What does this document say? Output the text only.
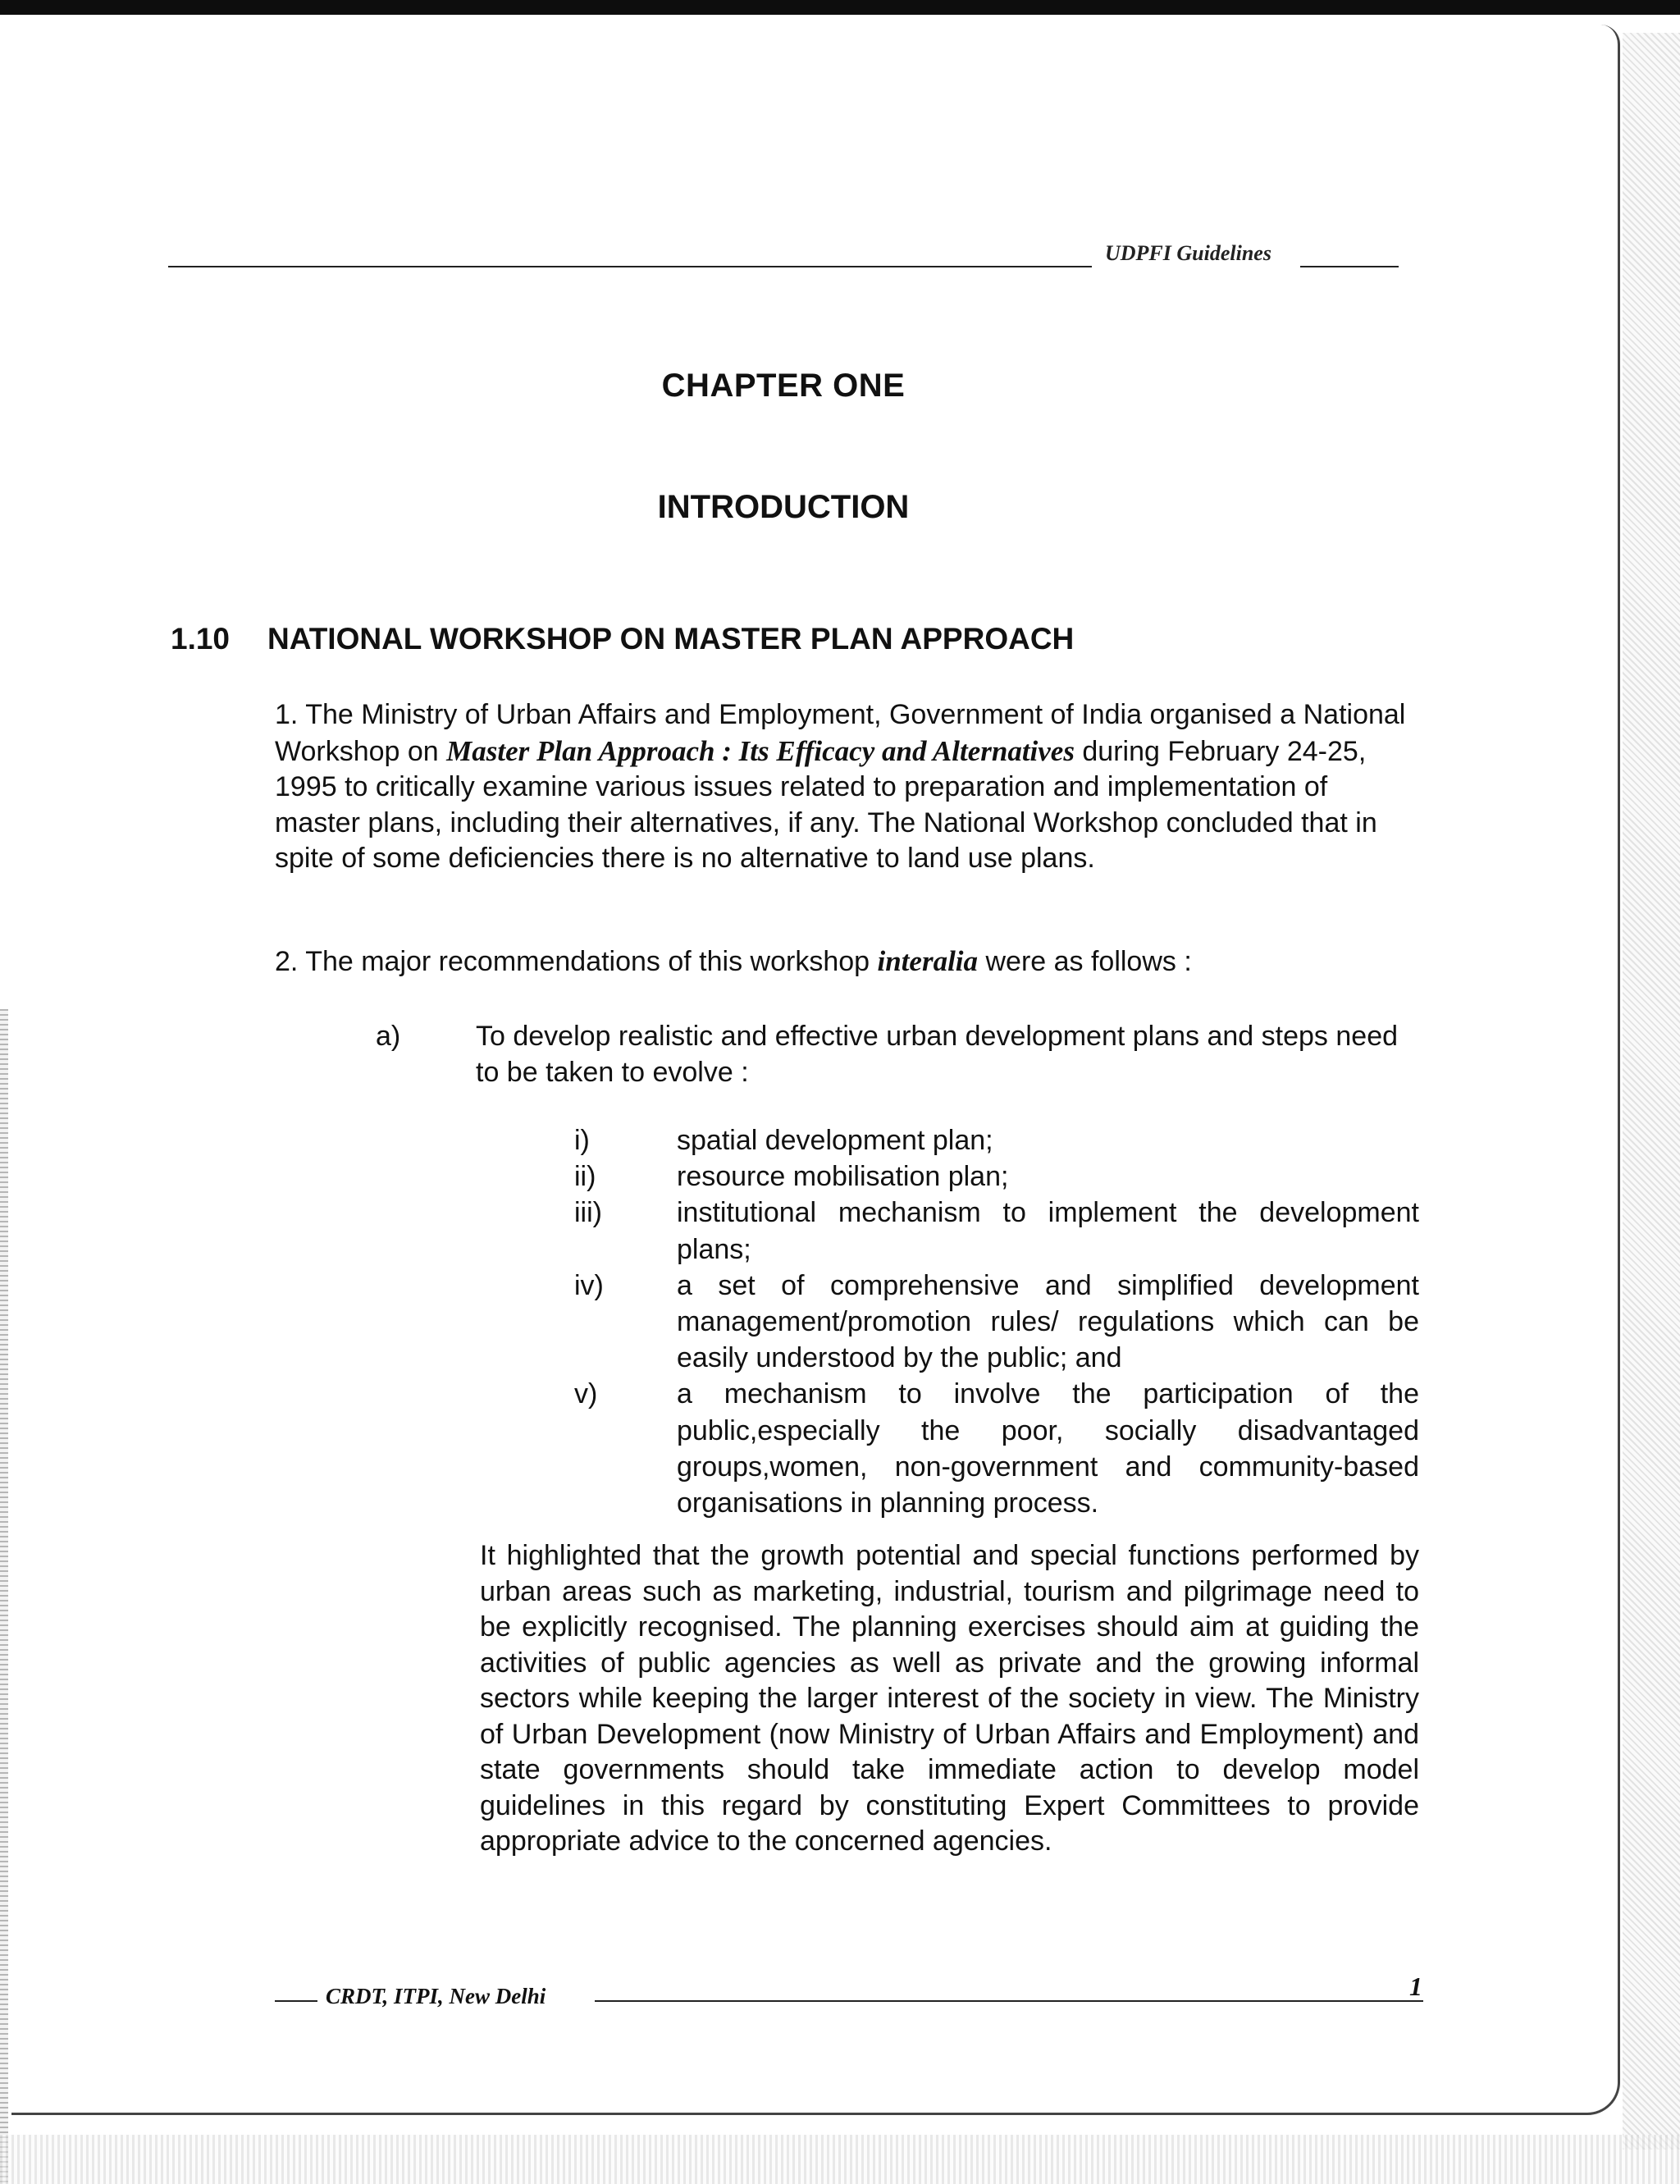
UDPFI Guidelines
CHAPTER ONE
INTRODUCTION
1.10 NATIONAL WORKSHOP ON MASTER PLAN APPROACH
1. The Ministry of Urban Affairs and Employment, Government of India organised a National Workshop on Master Plan Approach : Its Efficacy and Alternatives during February 24-25, 1995 to critically examine various issues related to preparation and implementation of master plans, including their alternatives, if any. The National Workshop concluded that in spite of some deficiencies there is no alternative to land use plans.
2. The major recommendations of this workshop interalia were as follows :
a)	To develop realistic and effective urban development plans and steps need to be taken to evolve :
i)	spatial development plan;
ii)	resource mobilisation plan;
iii)	institutional mechanism to implement the development plans;
iv)	a set of comprehensive and simplified development management/promotion rules/ regulations which can be easily understood by the public; and
v)	a mechanism to involve the participation of the public,especially the poor, socially disadvantaged groups,women, non-government and community-based organisations in planning process.
It highlighted that the growth potential and special functions performed by urban areas such as marketing, industrial, tourism and pilgrimage need to be explicitly recognised. The planning exercises should aim at guiding the activities of public agencies as well as private and the growing informal sectors while keeping the larger interest of the society in view. The Ministry of Urban Development (now Ministry of Urban Affairs and Employment) and state governments should take immediate action to develop model guidelines in this regard by constituting Expert Committees to provide appropriate advice to the concerned agencies.
CRDT, ITPI, New Delhi	1
